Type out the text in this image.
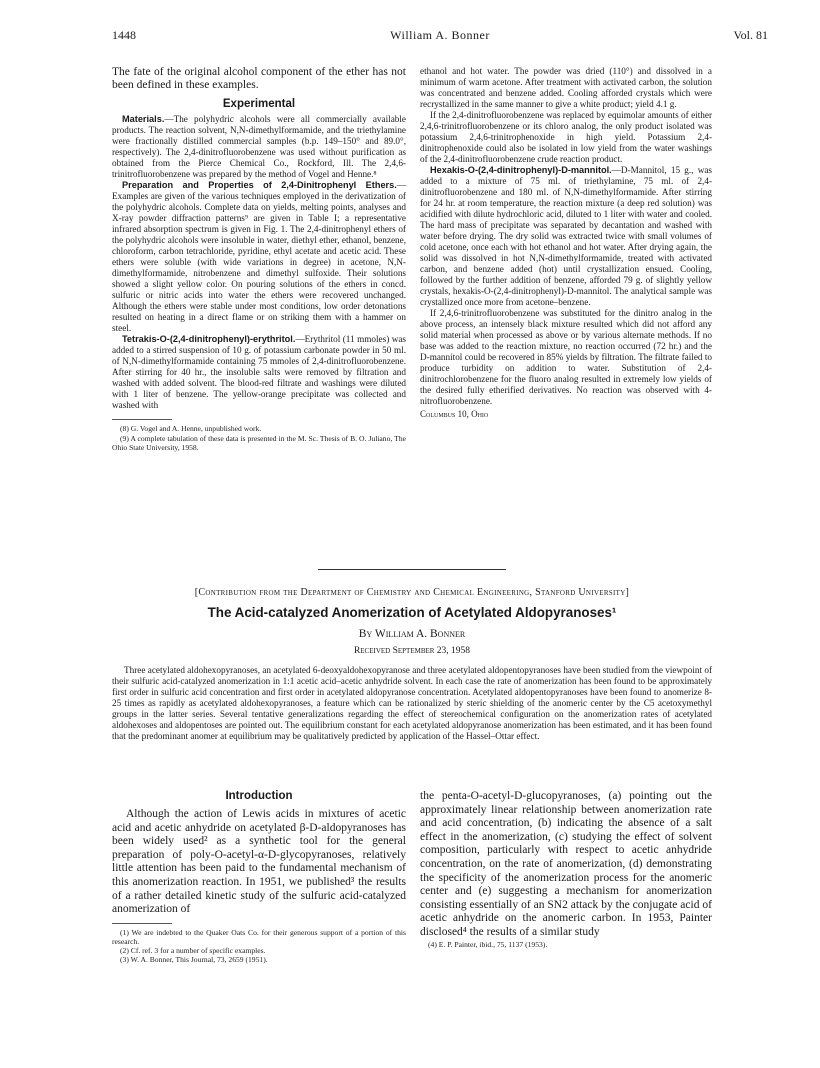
1448	William A. Bonner	Vol. 81

The fate of the original alcohol component of the ether has not been defined in these examples.

Experimental

Materials.—The polyhydric alcohols were all commercially available products. The reaction solvent, N,N-dimethylformamide, and the triethylamine were fractionally distilled commercial samples (b.p. 149–150° and 89.0°, respectively). The 2,4-dinitrofluorobenzene was used without purification as obtained from the Pierce Chemical Co., Rockford, Ill. The 2,4,6-trinitrofluorobenzene was prepared by the method of Vogel and Henne.⁸

Preparation and Properties of 2,4-Dinitrophenyl Ethers.—Examples are given of the various techniques employed in the derivatization of the polyhydric alcohols. Complete data on yields, melting points, analyses and X-ray powder diffraction patterns⁹ are given in Table I; a representative infrared absorption spectrum is given in Fig. 1. The 2,4-dinitrophenyl ethers of the polyhydric alcohols were insoluble in water, diethyl ether, ethanol, benzene, chloroform, carbon tetrachloride, pyridine, ethyl acetate and acetic acid. These ethers were soluble (with wide variations in degree) in acetone, N,N-dimethylformamide, nitrobenzene and dimethyl sulfoxide. Their solutions showed a slight yellow color. On pouring solutions of the ethers in concd. sulfuric or nitric acids into water the ethers were recovered unchanged. Although the ethers were stable under most conditions, low order detonations resulted on heating in a direct flame or on striking them with a hammer on steel.

Tetrakis-O-(2,4-dinitrophenyl)-erythritol.—Erythritol (11 mmoles) was added to a stirred suspension of 10 g. of potassium carbonate powder in 50 ml. of N,N-dimethylformamide containing 75 mmoles of 2,4-dinitrofluorobenzene. After stirring for 40 hr., the insoluble salts were removed by filtration and washed with added solvent. The blood-red filtrate and washings were diluted with 1 liter of benzene. The yellow-orange precipitate was collected and washed with

(8) G. Vogel and A. Henne, unpublished work.

(9) A complete tabulation of these data is presented in the M. Sc. Thesis of B. O. Juliano, The Ohio State University, 1958.

ethanol and hot water. The powder was dried (110°) and dissolved in a minimum of warm acetone. After treatment with activated carbon, the solution was concentrated and benzene added. Cooling afforded crystals which were recrystallized in the same manner to give a white product; yield 4.1 g.

If the 2,4-dinitrofluorobenzene was replaced by equimolar amounts of either 2,4,6-trinitrofluorobenzene or its chloro analog, the only product isolated was potassium 2,4,6-trinitrophenoxide in high yield. Potassium 2,4-dinitrophenoxide could also be isolated in low yield from the water washings of the 2,4-dinitrofluorobenzene crude reaction product.

Hexakis-O-(2,4-dinitrophenyl)-D-mannitol.—D-Mannitol, 15 g., was added to a mixture of 75 ml. of triethylamine, 75 ml. of 2,4-dinitrofluorobenzene and 180 ml. of N,N-dimethylformamide. After stirring for 24 hr. at room temperature, the reaction mixture (a deep red solution) was acidified with dilute hydrochloric acid, diluted to 1 liter with water and cooled. The hard mass of precipitate was separated by decantation and washed with water before drying. The dry solid was extracted twice with small volumes of cold acetone, once each with hot ethanol and hot water. After drying again, the solid was dissolved in hot N,N-dimethylformamide, treated with activated carbon, and benzene added (hot) until crystallization ensued. Cooling, followed by the further addition of benzene, afforded 79 g. of slightly yellow crystals, hexakis-O-(2,4-dinitrophenyl)-D-mannitol. The analytical sample was crystallized once more from acetone–benzene.

If 2,4,6-trinitrofluorobenzene was substituted for the dinitro analog in the above process, an intensely black mixture resulted which did not afford any solid material when processed as above or by various alternate methods. If no base was added to the reaction mixture, no reaction occurred (72 hr.) and the D-mannitol could be recovered in 85% yields by filtration. The filtrate failed to produce turbidity on addition to water. Substitution of 2,4-dinitrochlorobenzene for the fluoro analog resulted in extremely low yields of the desired fully etherified derivatives. No reaction was observed with 4-nitrofluorobenzene.

Columbus 10, Ohio
[Contribution from the Department of Chemistry and Chemical Engineering, Stanford University]
The Acid-catalyzed Anomerization of Acetylated Aldopyranoses¹
By William A. Bonner
Received September 23, 1958

Three acetylated aldohexopyranoses, an acetylated 6-deoxyaldohexopyranose and three acetylated aldopentopyranoses have been studied from the viewpoint of their sulfuric acid-catalyzed anomerization in 1:1 acetic acid–acetic anhydride solvent. In each case the rate of anomerization has been found to be approximately first order in sulfuric acid concentration and first order in acetylated aldopyranose concentration. Acetylated aldopentopyranoses have been found to anomerize 8-25 times as rapidly as acetylated aldohexopyranoses, a feature which can be rationalized by steric shielding of the anomeric center by the C5 acetoxymethyl groups in the latter series. Several tentative generalizations regarding the effect of stereochemical configuration on the anomerization rates of acetylated aldohexoses and aldopentoses are pointed out. The equilibrium constant for each acetylated aldopyranose anomerization has been estimated, and it has been found that the predominant anomer at equilibrium may be qualitatively predicted by application of the Hassel–Ottar effect.

Introduction

Although the action of Lewis acids in mixtures of acetic acid and acetic anhydride on acetylated β-D-aldopyranoses has been widely used² as a synthetic tool for the general preparation of poly-O-acetyl-α-D-glycopyranoses, relatively little attention has been paid to the fundamental mechanism of this anomerization reaction. In 1951, we published³ the results of a rather detailed kinetic study of the sulfuric acid-catalyzed anomerization of

(1) We are indebted to the Quaker Oats Co. for their generous support of a portion of this research.

(2) Cf. ref. 3 for a number of specific examples.

(3) W. A. Bonner, This Journal, 73, 2659 (1951).

the penta-O-acetyl-D-glucopyranoses, (a) pointing out the approximately linear relationship between anomerization rate and acid concentration, (b) indicating the absence of a salt effect in the anomerization, (c) studying the effect of solvent composition, particularly with respect to acetic anhydride concentration, on the rate of anomerization, (d) demonstrating the specificity of the anomerization process for the anomeric center and (e) suggesting a mechanism for anomerization consisting essentially of an SN2 attack by the conjugate acid of acetic anhydride on the anomeric carbon. In 1953, Painter disclosed⁴ the results of a similar study

(4) E. P. Painter, ibid., 75, 1137 (1953).
